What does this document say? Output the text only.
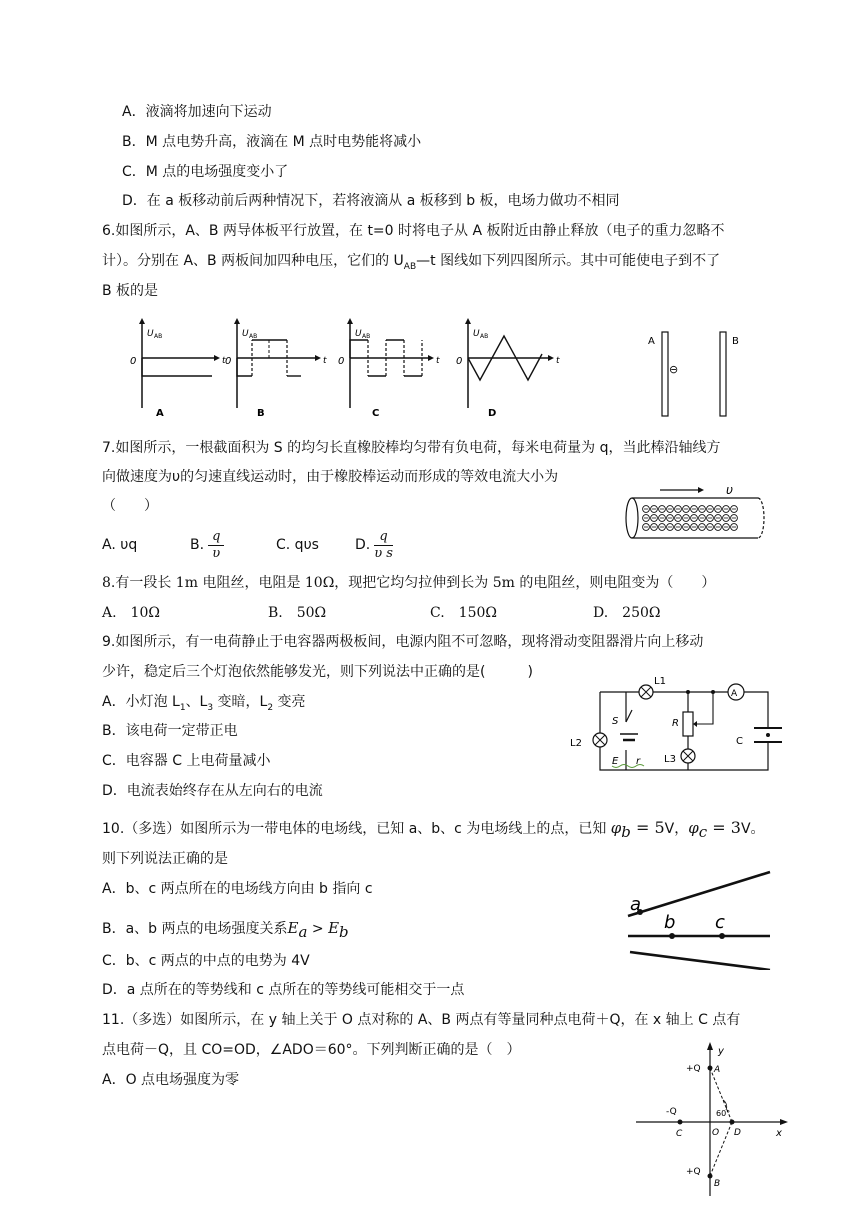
A．液滴将加速向下运动
B．M 点电势升高，液滴在 M 点时电势能将减小
C．M 点的电场强度变小了
D．在 a 板移动前后两种情况下，若将液滴从 a 板移到 b 板，电场力做功不相同
6.如图所示，A、B 两导体板平行放置，在 t=0 时将电子从 A 板附近由静止释放（电子的重力忽略不
计）。分别在 A、B 两板间加四种电压，它们的 $U_{AB}—t$ 图线如下列四图所示。其中可能使电子到不了
B 板的是
U AB
0	t
A
U AB
0	t
B
U AB
0	t
C
U AB
0	t
D
A	B
⊖
7.如图所示，一根截面积为 S 的均匀长直橡胶棒均匀带有负电荷，每米电荷量为 q，当此棒沿轴线方
向做速度为υ的匀速直线运动时，由于橡胶棒运动而形成的等效电流大小为
（　　）
υ
A. υq	B. $\frac{q}{\upsilon}$	C. qυs	D. $\frac{q}{\text{υ s}}$
8.有一段长 1m 电阻丝，电阻是 10Ω，现把它均匀拉伸到长为 5m 的电阻丝，则电阻变为（　　）
A.　10Ω	B.　50Ω	C.　150Ω	D.　250Ω
9.如图所示，有一电荷静止于电容器两极板间，电源内阻不可忽略，现将滑动变阻器滑片向上移动
少许，稳定后三个灯泡依然能够发光，则下列说法中正确的是(　　　)
A．小灯泡 $L_1$、$L_3$ 变暗，$L_2$ 变亮
B．该电荷一定带正电
C．电容器 C 上电荷量减小
D．电流表始终存在从左向右的电流
L2
L1
A
S
E r
R
L3
C
10.（多选）如图所示为一带电体的电场线，已知 a、b、c 为电场线上的点，已知 $\varphi_b = 5V$，$\varphi_c = 3V$。
则下列说法正确的是
A．b、c 两点所在的电场线方向由 b 指向 c
B．a、b 两点的电场强度关系$E_a > E_b$
C．b、c 两点的中点的电势为 4V
D．a 点所在的等势线和 c 点所在的等势线可能相交于一点
a
b c
11.（多选）如图所示，在 y 轴上关于 O 点对称的 A、B 两点有等量同种点电荷＋Q，在 x 轴上 C 点有
点电荷－Q，且 CO=OD，∠ADO＝60°。下列判断正确的是（　）
A．O 点电场强度为零
y
x
+Q A
+Q
B
-Q
C	O D
60°
